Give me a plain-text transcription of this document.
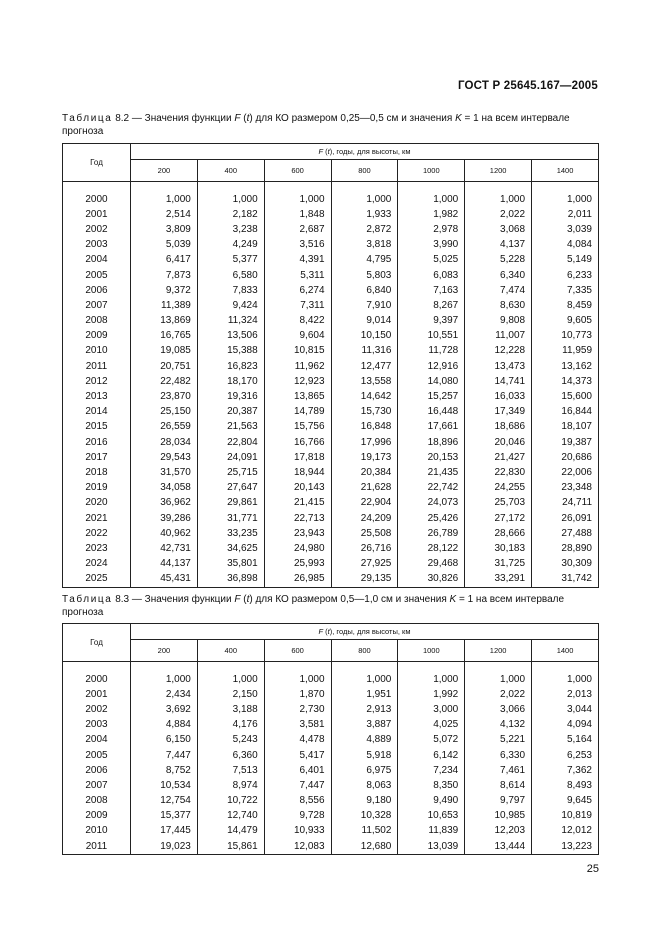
ГОСТ Р 25645.167—2005
Таблица 8.2 — Значения функции F (t) для КО размером 0,25—0,5 см и значения K = 1 на всем интервале прогноза
Год	F (t), годы, для высоты, км						
	200	400	600	800	1000	1200	1400

2000	1,000	1,000	1,000	1,000	1,000	1,000	1,000
2001	2,514	2,182	1,848	1,933	1,982	2,022	2,011
2002	3,809	3,238	2,687	2,872	2,978	3,068	3,039
2003	5,039	4,249	3,516	3,818	3,990	4,137	4,084
2004	6,417	5,377	4,391	4,795	5,025	5,228	5,149
2005	7,873	6,580	5,311	5,803	6,083	6,340	6,233
2006	9,372	7,833	6,274	6,840	7,163	7,474	7,335
2007	11,389	9,424	7,311	7,910	8,267	8,630	8,459
2008	13,869	11,324	8,422	9,014	9,397	9,808	9,605
2009	16,765	13,506	9,604	10,150	10,551	11,007	10,773
2010	19,085	15,388	10,815	11,316	11,728	12,228	11,959
2011	20,751	16,823	11,962	12,477	12,916	13,473	13,162
2012	22,482	18,170	12,923	13,558	14,080	14,741	14,373
2013	23,870	19,316	13,865	14,642	15,257	16,033	15,600
2014	25,150	20,387	14,789	15,730	16,448	17,349	16,844
2015	26,559	21,563	15,756	16,848	17,661	18,686	18,107
2016	28,034	22,804	16,766	17,996	18,896	20,046	19,387
2017	29,543	24,091	17,818	19,173	20,153	21,427	20,686
2018	31,570	25,715	18,944	20,384	21,435	22,830	22,006
2019	34,058	27,647	20,143	21,628	22,742	24,255	23,348
2020	36,962	29,861	21,415	22,904	24,073	25,703	24,711
2021	39,286	31,771	22,713	24,209	25,426	27,172	26,091
2022	40,962	33,235	23,943	25,508	26,789	28,666	27,488
2023	42,731	34,625	24,980	26,716	28,122	30,183	28,890
2024	44,137	35,801	25,993	27,925	29,468	31,725	30,309
2025	45,431	36,898	26,985	29,135	30,826	33,291	31,742
Таблица 8.3 — Значения функции F (t) для КО размером 0,5—1,0 см и значения K = 1 на всем интервале прогноза
Год	F (t), годы, для высоты, км						
	200	400	600	800	1000	1200	1400

2000	1,000	1,000	1,000	1,000	1,000	1,000	1,000
2001	2,434	2,150	1,870	1,951	1,992	2,022	2,013
2002	3,692	3,188	2,730	2,913	3,000	3,066	3,044
2003	4,884	4,176	3,581	3,887	4,025	4,132	4,094
2004	6,150	5,243	4,478	4,889	5,072	5,221	5,164
2005	7,447	6,360	5,417	5,918	6,142	6,330	6,253
2006	8,752	7,513	6,401	6,975	7,234	7,461	7,362
2007	10,534	8,974	7,447	8,063	8,350	8,614	8,493
2008	12,754	10,722	8,556	9,180	9,490	9,797	9,645
2009	15,377	12,740	9,728	10,328	10,653	10,985	10,819
2010	17,445	14,479	10,933	11,502	11,839	12,203	12,012
2011	19,023	15,861	12,083	12,680	13,039	13,444	13,223
25
